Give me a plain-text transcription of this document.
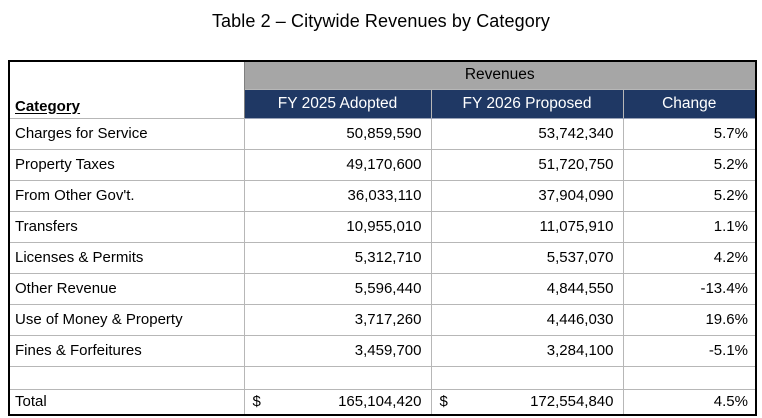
Table 2 – Citywide Revenues by Category
Category	Revenues		
	FY 2025 Adopted	FY 2026 Proposed	Change
Charges for Service	50,859,590	53,742,340	5.7%
Property Taxes	49,170,600	51,720,750	5.2%
From Other Gov't.	36,033,110	37,904,090	5.2%
Transfers	10,955,010	11,075,910	1.1%
Licenses & Permits	5,312,710	5,537,070	4.2%
Other Revenue	5,596,440	4,844,550	-13.4%
Use of Money & Property	3,717,260	4,446,030	19.6%
Fines & Forfeitures	3,459,700	3,284,100	-5.1%

Total	$ 165,104,420	$ 172,554,840	4.5%
